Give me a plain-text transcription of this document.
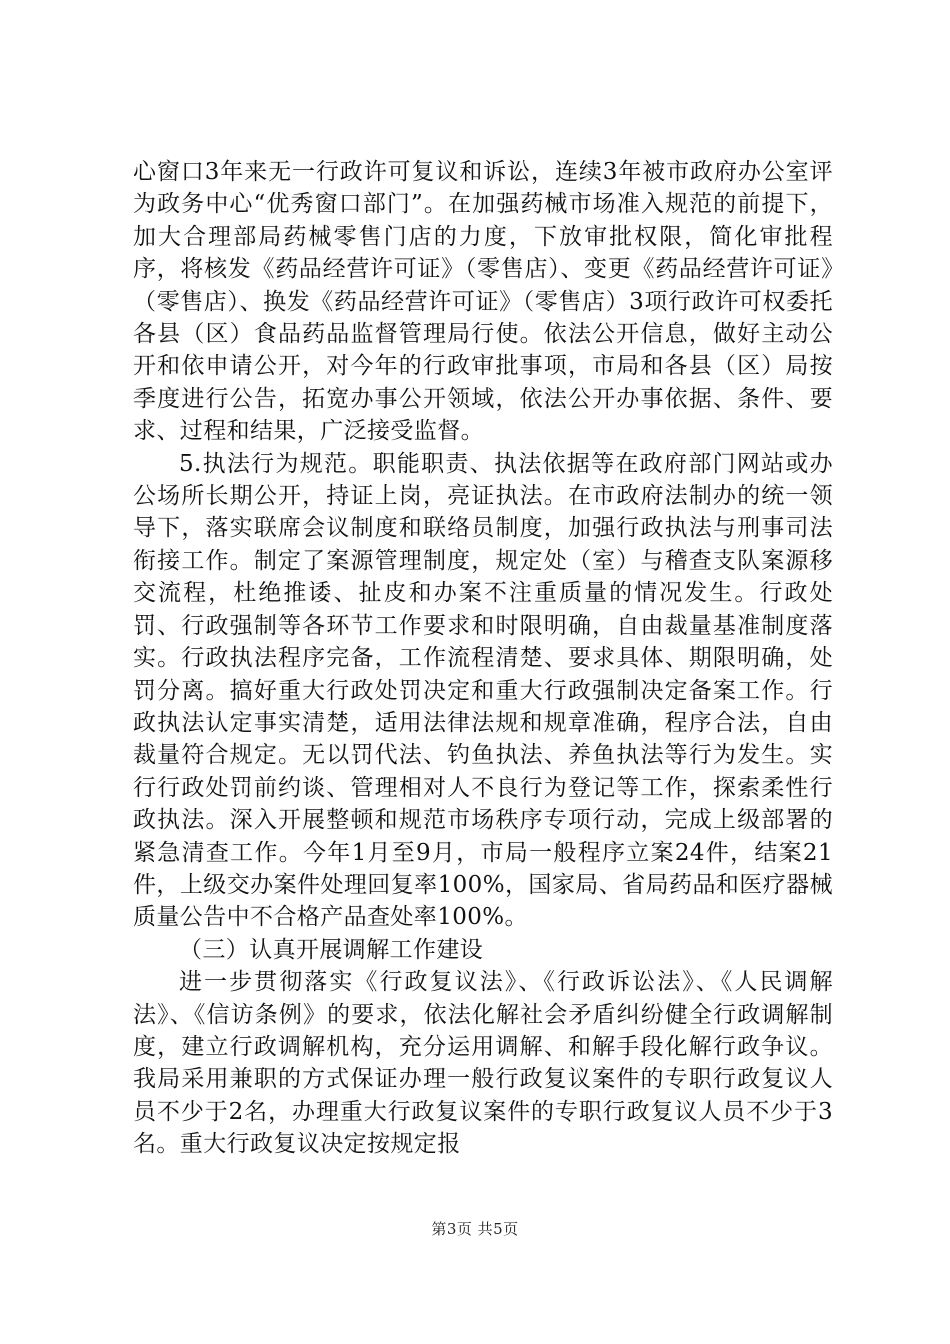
心窗口3年来无一行政许可复议和诉讼，连续3年被市政府办公室评为政务中心“优秀窗口部门”。在加强药械市场准入规范的前提下，加大合理部局药械零售门店的力度，下放审批权限，简化审批程序，将核发《药品经营许可证》（零售店）、变更《药品经营许可证》（零售店）、换发《药品经营许可证》（零售店）3项行政许可权委托各县（区）食品药品监督管理局行使。依法公开信息，做好主动公开和依申请公开，对今年的行政审批事项，市局和各县（区）局按季度进行公告，拓宽办事公开领域，依法公开办事依据、条件、要求、过程和结果，广泛接受监督。

5.执法行为规范。职能职责、执法依据等在政府部门网站或办公场所长期公开，持证上岗，亮证执法。在市政府法制办的统一领导下，落实联席会议制度和联络员制度，加强行政执法与刑事司法衔接工作。制定了案源管理制度，规定处（室）与稽查支队案源移交流程，杜绝推诿、扯皮和办案不注重质量的情况发生。行政处罚、行政强制等各环节工作要求和时限明确，自由裁量基准制度落实。行政执法程序完备，工作流程清楚、要求具体、期限明确，处罚分离。搞好重大行政处罚决定和重大行政强制决定备案工作。行政执法认定事实清楚，适用法律法规和规章准确，程序合法，自由裁量符合规定。无以罚代法、钓鱼执法、养鱼执法等行为发生。实行行政处罚前约谈、管理相对人不良行为登记等工作，探索柔性行政执法。深入开展整顿和规范市场秩序专项行动，完成上级部署的紧急清查工作。今年1月至9月，市局一般程序立案24件，结案21件，上级交办案件处理回复率100%，国家局、省局药品和医疗器械质量公告中不合格产品查处率100%。

（三）认真开展调解工作建设

进一步贯彻落实《行政复议法》、《行政诉讼法》、《人民调解法》、《信访条例》的要求，依法化解社会矛盾纠纷健全行政调解制度，建立行政调解机构，充分运用调解、和解手段化解行政争议。我局采用兼职的方式保证办理一般行政复议案件的专职行政复议人员不少于2名，办理重大行政复议案件的专职行政复议人员不少于3名。重大行政复议决定按规定报

第3页 共5页
